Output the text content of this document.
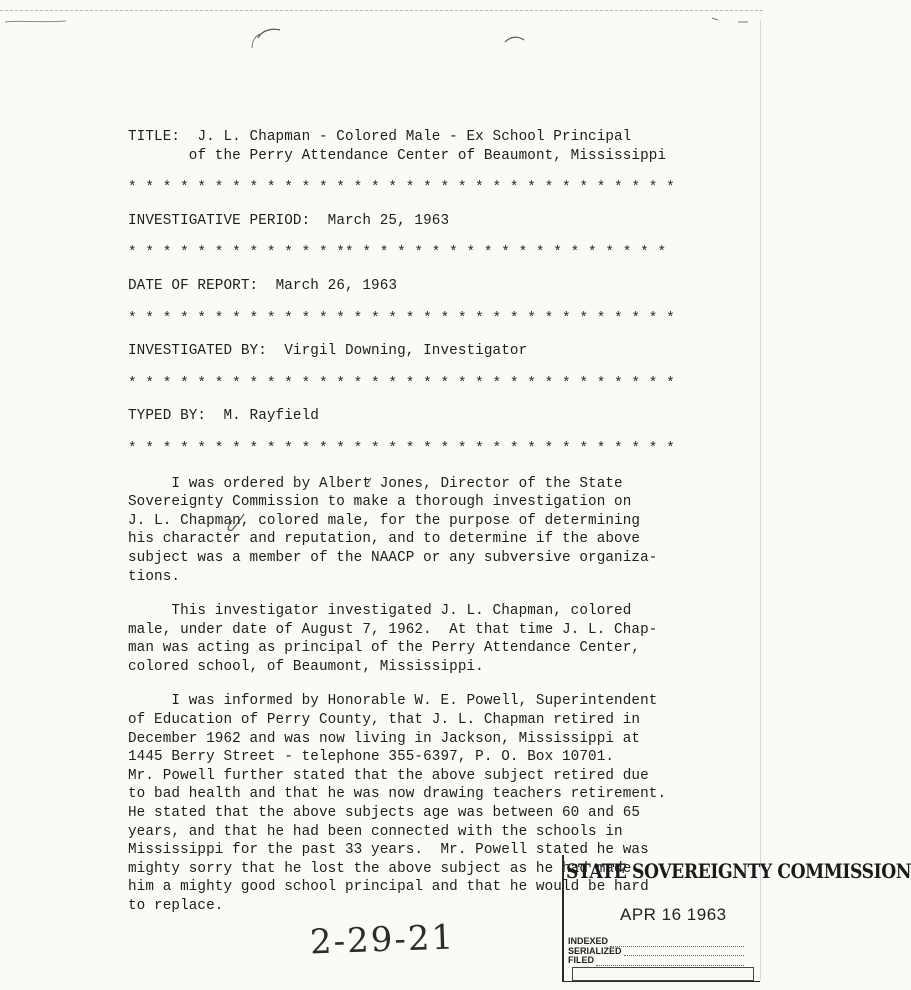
TITLE: J. L. Chapman - Colored Male - Ex School Principal

of the Perry Attendance Center of Beaumont, Mississippi

* * * * * * * * * * * * * * * * * * * * * * * * * * * * * * * *

INVESTIGATIVE PERIOD: March 25, 1963

* * * * * * * * * * * * ** * * * * * * * * * * * * * * * * * *

DATE OF REPORT: March 26, 1963

* * * * * * * * * * * * * * * * * * * * * * * * * * * * * * * *

INVESTIGATED BY: Virgil Downing, Investigator

* * * * * * * * * * * * * * * * * * * * * * * * * * * * * * * *

TYPED BY: M. Rayfield

* * * * * * * * * * * * * * * * * * * * * * * * * * * * * * * *

I was ordered by Albert Jones, Director of the State

Sovereignty Commission to make a thorough investigation on

J. L. Chapman, colored male, for the purpose of determining

his character and reputation, and to determine if the above

subject was a member of the NAACP or any subversive organiza-

tions.

This investigator investigated J. L. Chapman, colored

male, under date of August 7, 1962.  At that time J. L. Chap-

man was acting as principal of the Perry Attendance Center,

colored school, of Beaumont, Mississippi.

I was informed by Honorable W. E. Powell, Superintendent

of Education of Perry County, that J. L. Chapman retired in

December 1962 and was now living in Jackson, Mississippi at

1445 Berry Street - telephone 355-6397, P. O. Box 10701.

Mr. Powell further stated that the above subject retired due

to bad health and that he was now drawing teachers retirement.

He stated that the above subjects age was between 60 and 65

years, and that he had been connected with the schools in

Mississippi for the past 33 years.  Mr. Powell stated he was

mighty sorry that he lost the above subject as he had made

him a mighty good school principal and that he would be hard

to replace.

2-29-21
STATE SOVEREIGNTY COMMISSION
APR 16 1963
INDEXED
SERIALIZED
FILED
